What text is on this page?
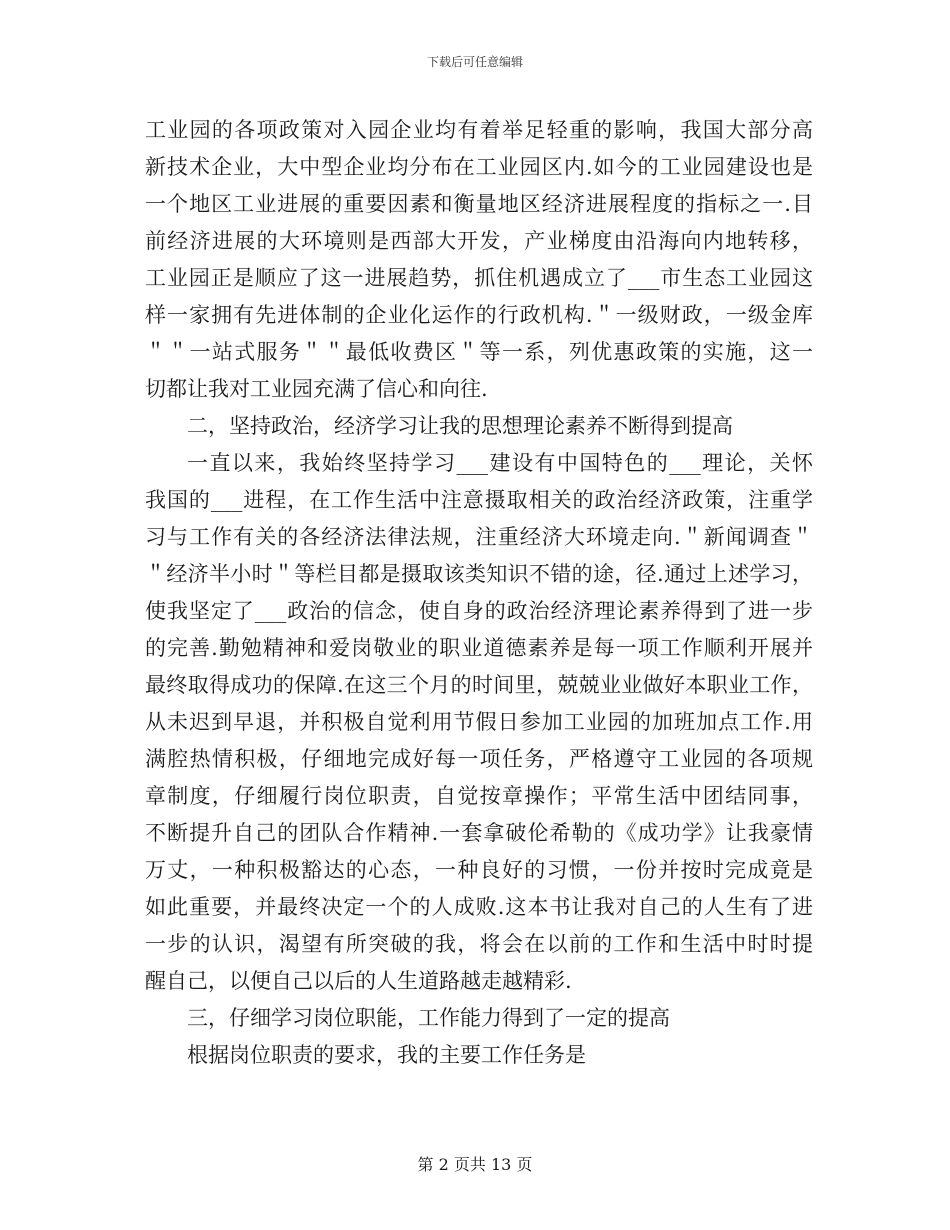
下载后可任意编辑
工业园的各项政策对入园企业均有着举足轻重的影响，我国大部分高
新技术企业，大中型企业均分布在工业园区内.如今的工业园建设也是
一个地区工业进展的重要因素和衡量地区经济进展程度的指标之一.目
前经济进展的大环境则是西部大开发，产业梯度由沿海向内地转移，
工业园正是顺应了这一进展趋势，抓住机遇成立了___市生态工业园这
样一家拥有先进体制的企业化运作的行政机构.＂一级财政，一级金库
＂＂一站式服务＂＂最低收费区＂等一系，列优惠政策的实施，这一
切都让我对工业园充满了信心和向往.
二，坚持政治，经济学习让我的思想理论素养不断得到提高
一直以来，我始终坚持学习___建设有中国特色的___理论，关怀
我国的___进程，在工作生活中注意摄取相关的政治经济政策，注重学
习与工作有关的各经济法律法规，注重经济大环境走向.＂新闻调查＂
＂经济半小时＂等栏目都是摄取该类知识不错的途，径.通过上述学习，
使我坚定了___政治的信念，使自身的政治经济理论素养得到了进一步
的完善.勤勉精神和爱岗敬业的职业道德素养是每一项工作顺利开展并
最终取得成功的保障.在这三个月的时间里，兢兢业业做好本职业工作，
从未迟到早退，并积极自觉利用节假日参加工业园的加班加点工作.用
满腔热情积极，仔细地完成好每一项任务，严格遵守工业园的各项规
章制度，仔细履行岗位职责，自觉按章操作；平常生活中团结同事，
不断提升自己的团队合作精神.一套拿破伦希勒的《成功学》让我豪情
万丈，一种积极豁达的心态，一种良好的习惯，一份并按时完成竟是
如此重要，并最终决定一个的人成败.这本书让我对自己的人生有了进
一步的认识，渴望有所突破的我，将会在以前的工作和生活中时时提
醒自己，以便自己以后的人生道路越走越精彩.
三，仔细学习岗位职能，工作能力得到了一定的提高
根据岗位职责的要求，我的主要工作任务是
第 2 页共 13 页
